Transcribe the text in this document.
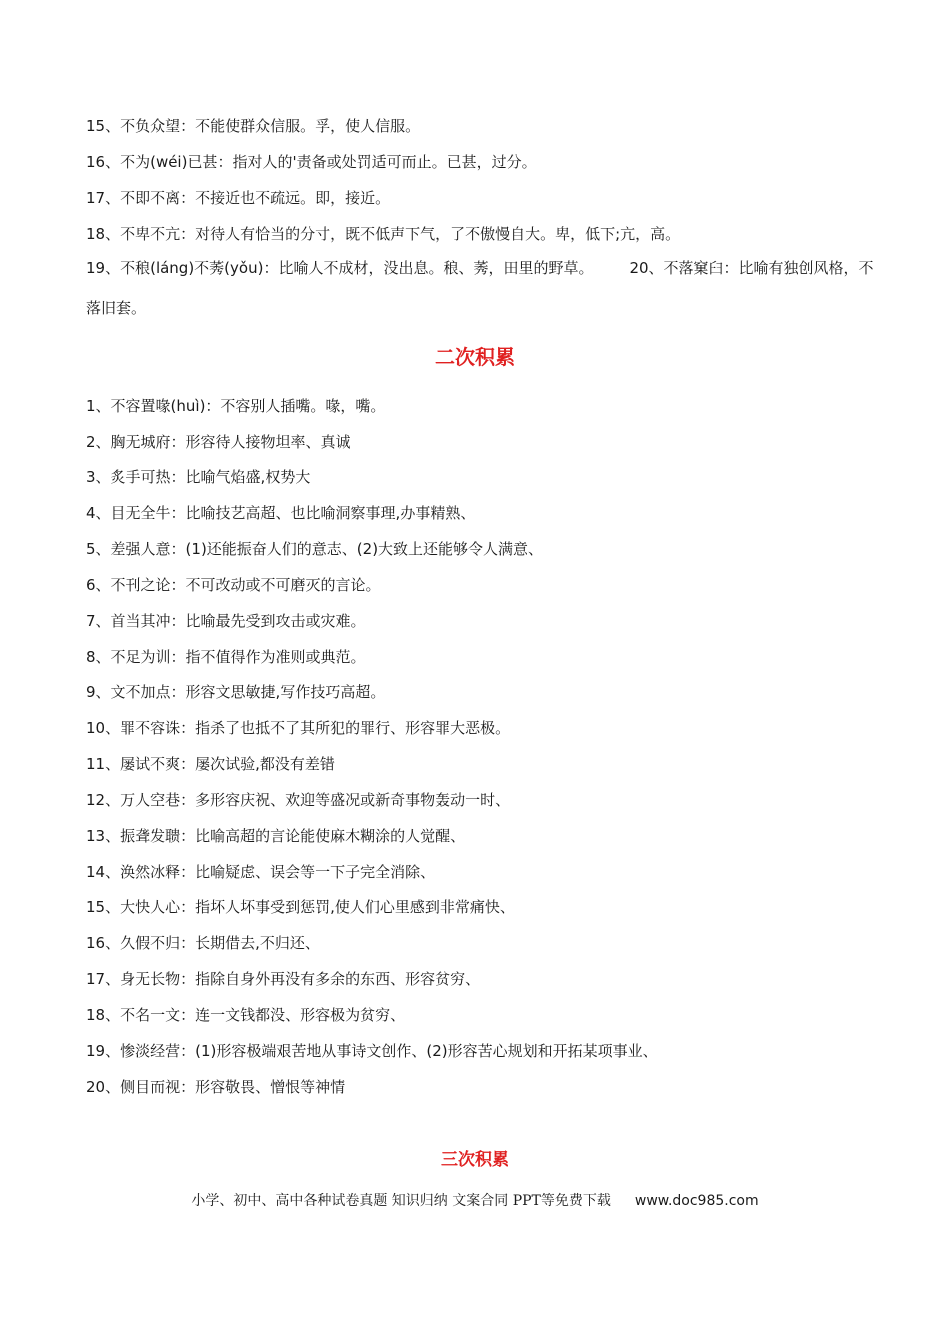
15、不负众望：不能使群众信服。孚，使人信服。
16、不为(wéi)已甚：指对人的'责备或处罚适可而止。已甚，过分。
17、不即不离：不接近也不疏远。即，接近。
18、不卑不亢：对待人有恰当的分寸，既不低声下气，了不傲慢自大。卑，低下;亢，高。
19、不稂(láng)不莠(yǒu)：比喻人不成材，没出息。稂、莠，田里的野草。 20、不落窠臼：比喻有独创风格，不落旧套。
二次积累
1、不容置喙(huì)：不容别人插嘴。喙，嘴。
2、胸无城府：形容待人接物坦率、真诚
3、炙手可热：比喻气焰盛,权势大
4、目无全牛：比喻技艺高超、也比喻洞察事理,办事精熟、
5、差强人意：(1)还能振奋人们的意志、(2)大致上还能够令人满意、
6、不刊之论：不可改动或不可磨灭的言论。
7、首当其冲：比喻最先受到攻击或灾难。
8、不足为训：指不值得作为准则或典范。
9、文不加点：形容文思敏捷,写作技巧高超。
10、罪不容诛：指杀了也抵不了其所犯的罪行、形容罪大恶极。
11、屡试不爽：屡次试验,都没有差错
12、万人空巷：多形容庆祝、欢迎等盛况或新奇事物轰动一时、
13、振聋发聩：比喻高超的言论能使麻木糊涂的人觉醒、
14、涣然冰释：比喻疑虑、误会等一下子完全消除、
15、大快人心：指坏人坏事受到惩罚,使人们心里感到非常痛快、
16、久假不归：长期借去,不归还、
17、身无长物：指除自身外再没有多余的东西、形容贫穷、
18、不名一文：连一文钱都没、形容极为贫穷、
19、惨淡经营：(1)形容极端艰苦地从事诗文创作、(2)形容苦心规划和开拓某项事业、
20、侧目而视：形容敬畏、憎恨等神情
三次积累
小学、初中、高中各种试卷真题 知识归纳 文案合同 PPT等免费下载 www.doc985.com
